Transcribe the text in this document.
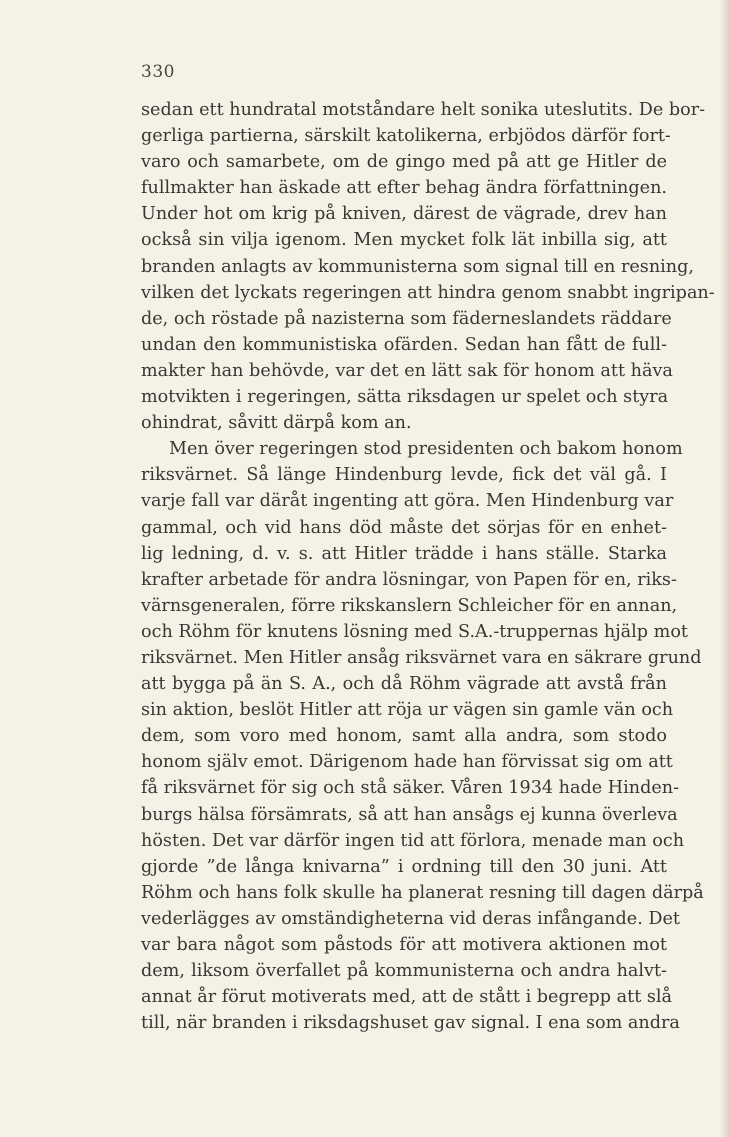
330
sedan ett hundratal motståndare helt sonika uteslutits. De bor-
gerliga partierna, särskilt katolikerna, erbjödos därför fort-
varo och samarbete, om de gingo med på att ge Hitler de
fullmakter han äskade att efter behag ändra författningen.
Under hot om krig på kniven, därest de vägrade, drev han
också sin vilja igenom. Men mycket folk lät inbilla sig, att
branden anlagts av kommunisterna som signal till en resning,
vilken det lyckats regeringen att hindra genom snabbt ingripan-
de, och röstade på nazisterna som fäderneslandets räddare
undan den kommunistiska ofärden. Sedan han fått de full-
makter han behövde, var det en lätt sak för honom att häva
motvikten i regeringen, sätta riksdagen ur spelet och styra
ohindrat, såvitt därpå kom an.
Men över regeringen stod presidenten och bakom honom
riksvärnet. Så länge Hindenburg levde, fick det väl gå. I
varje fall var däråt ingenting att göra. Men Hindenburg var
gammal, och vid hans död måste det sörjas för en enhet-
lig ledning, d. v. s. att Hitler trädde i hans ställe. Starka
krafter arbetade för andra lösningar, von Papen för en, riks-
värnsgeneralen, förre rikskanslern Schleicher för en annan,
och Röhm för knutens lösning med S.A.-truppernas hjälp mot
riksvärnet. Men Hitler ansåg riksvärnet vara en säkrare grund
att bygga på än S. A., och då Röhm vägrade att avstå från
sin aktion, beslöt Hitler att röja ur vägen sin gamle vän och
dem, som voro med honom, samt alla andra, som stodo
honom själv emot. Därigenom hade han förvissat sig om att
få riksvärnet för sig och stå säker. Våren 1934 hade Hinden-
burgs hälsa försämrats, så att han ansågs ej kunna överleva
hösten. Det var därför ingen tid att förlora, menade man och
gjorde ”de långa knivarna” i ordning till den 30 juni. Att
Röhm och hans folk skulle ha planerat resning till dagen därpå
vederlägges av omständigheterna vid deras infångande. Det
var bara något som påstods för att motivera aktionen mot
dem, liksom överfallet på kommunisterna och andra halvt-
annat år förut motiverats med, att de stått i begrepp att slå
till, när branden i riksdagshuset gav signal. I ena som andra
